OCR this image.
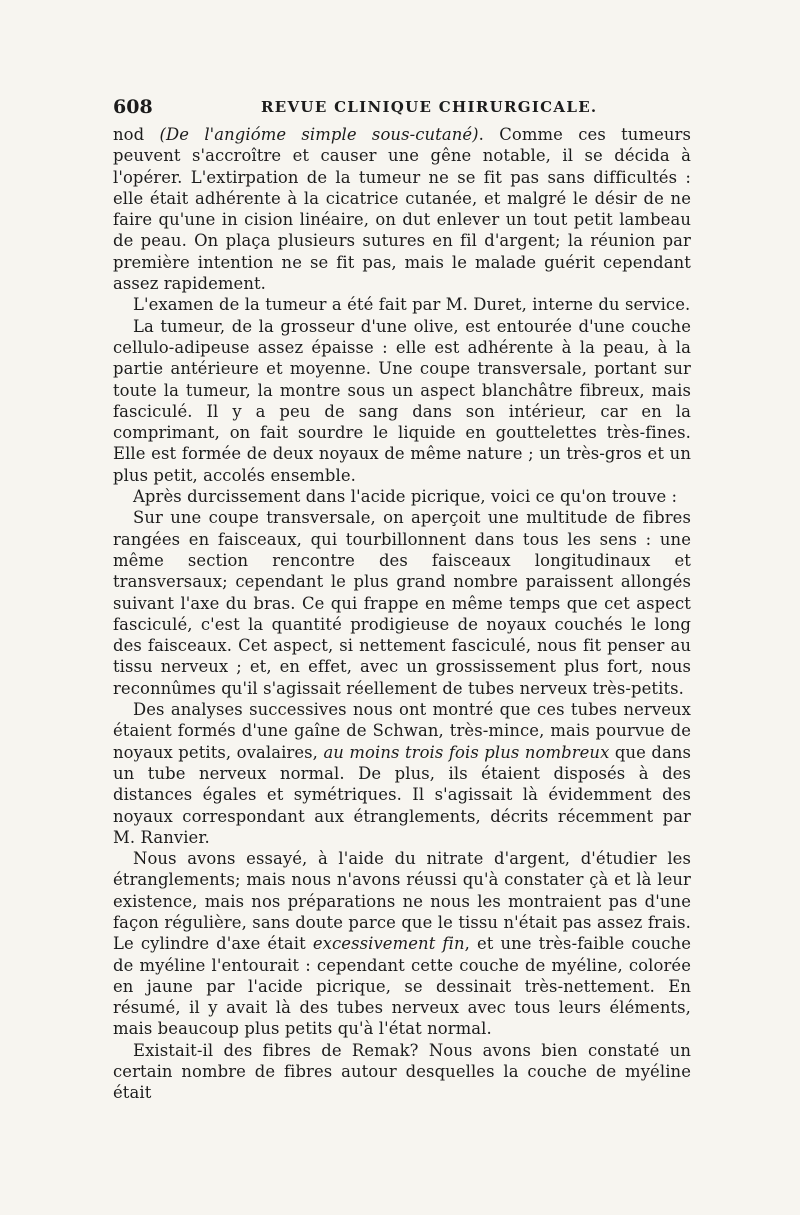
608	REVUE CLINIQUE CHIRURGICALE.

nod (De l'angióme simple sous-cutané). Comme ces tumeurs peuvent s'accroître et causer une gêne notable, il se décida à l'opérer. L'extirpation de la tumeur ne se fit pas sans difficultés : elle était adhérente à la cicatrice cutanée, et malgré le désir de ne faire qu'une in cision linéaire, on dut enlever un tout petit lambeau de peau. On plaça plusieurs sutures en fil d'argent; la réunion par première intention ne se fit pas, mais le malade guérit cependant assez rapidement.

L'examen de la tumeur a été fait par M. Duret, interne du service.

La tumeur, de la grosseur d'une olive, est entourée d'une couche cellulo-adipeuse assez épaisse : elle est adhérente à la peau, à la partie antérieure et moyenne. Une coupe transversale, portant sur toute la tumeur, la montre sous un aspect blanchâtre fibreux, mais fasciculé. Il y a peu de sang dans son intérieur, car en la comprimant, on fait sourdre le liquide en gouttelettes très-fines. Elle est formée de deux noyaux de même nature ; un très-gros et un plus petit, accolés ensemble.

Après durcissement dans l'acide picrique, voici ce qu'on trouve :

Sur une coupe transversale, on aperçoit une multitude de fibres rangées en faisceaux, qui tourbillonnent dans tous les sens : une même section rencontre des faisceaux longitudinaux et transversaux; cependant le plus grand nombre paraissent allongés suivant l'axe du bras. Ce qui frappe en même temps que cet aspect fasciculé, c'est la quantité prodigieuse de noyaux couchés le long des faisceaux. Cet aspect, si nettement fasciculé, nous fit penser au tissu nerveux ; et, en effet, avec un grossissement plus fort, nous reconnûmes qu'il s'agissait réellement de tubes nerveux très-petits.

Des analyses successives nous ont montré que ces tubes nerveux étaient formés d'une gaîne de Schwan, très-mince, mais pourvue de noyaux petits, ovalaires, au moins trois fois plus nombreux que dans un tube nerveux normal. De plus, ils étaient disposés à des distances égales et symétriques. Il s'agissait là évidemment des noyaux correspondant aux étranglements, décrits récemment par M. Ranvier.

Nous avons essayé, à l'aide du nitrate d'argent, d'étudier les étranglements; mais nous n'avons réussi qu'à constater çà et là leur existence, mais nos préparations ne nous les montraient pas d'une façon régulière, sans doute parce que le tissu n'était pas assez frais. Le cylindre d'axe était excessivement fin, et une très-faible couche de myéline l'entourait : cependant cette couche de myéline, colorée en jaune par l'acide picrique, se dessinait très-nettement. En résumé, il y avait là des tubes nerveux avec tous leurs éléments, mais beaucoup plus petits qu'à l'état normal.

Existait-il des fibres de Remak? Nous avons bien constaté un certain nombre de fibres autour desquelles la couche de myéline était
